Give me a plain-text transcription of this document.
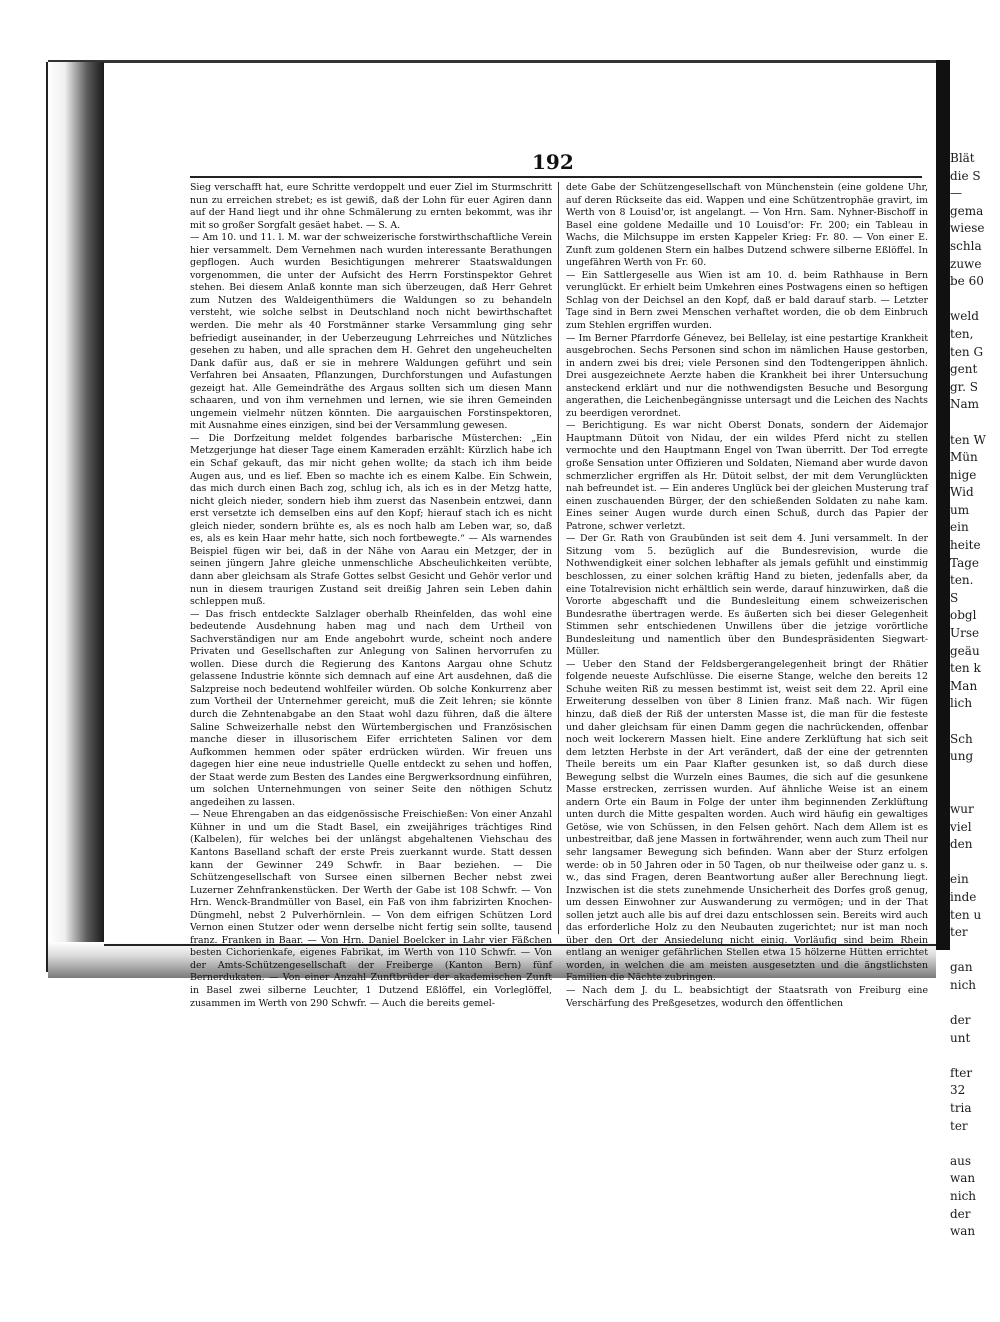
Blät
die S
—
gema
wiese
schla
zuwe
be 60

weld
ten,
ten G
gent
gr. S
Nam

ten W
Mün
nige
Wid
um
ein
heite
Tage
ten.
S
obgl
Urse
geäu
ten k
Man
lich

Sch
ung

wur
viel
den

ein
inde
ten u
ter

gan
nich

der
unt

fter
32
tria
ter

aus
wan
nich
der
wan
192

Sieg verschafft hat, eure Schritte verdoppelt und euer Ziel im Sturmschritt nun zu erreichen strebet; es ist gewiß, daß der Lohn für euer Agiren dann auf der Hand liegt und ihr ohne Schmälerung zu ernten bekommt, was ihr mit so großer Sorgfalt gesäet habet. — S. A.

— Am 10. und 11. l. M. war der schweizerische forstwirthschaftliche Verein hier versammelt. Dem Vernehmen nach wurden interessante Berathungen gepflogen. Auch wurden Besichtigungen mehrerer Staatswaldungen vorgenommen, die unter der Aufsicht des Herrn Forstinspektor Gehret stehen. Bei diesem Anlaß konnte man sich überzeugen, daß Herr Gehret zum Nutzen des Waldeigenthümers die Waldungen so zu behandeln versteht, wie solche selbst in Deutschland noch nicht bewirthschaftet werden. Die mehr als 40 Forstmänner starke Versammlung ging sehr befriedigt auseinander, in der Ueberzeugung Lehrreiches und Nützliches gesehen zu haben, und alle sprachen dem H. Gehret den ungeheuchelten Dank dafür aus, daß er sie in mehrere Waldungen geführt und sein Verfahren bei Ansaaten, Pflanzungen, Durchforstungen und Aufastungen gezeigt hat. Alle Gemeindräthe des Argaus sollten sich um diesen Mann schaaren, und von ihm vernehmen und lernen, wie sie ihren Gemeinden ungemein vielmehr nützen könnten. Die aargauischen Forstinspektoren, mit Ausnahme eines einzigen, sind bei der Versammlung gewesen.

— Die Dorfzeitung meldet folgendes barbarische Müsterchen: „Ein Metzgerjunge hat dieser Tage einem Kameraden erzählt: Kürzlich habe ich ein Schaf gekauft, das mir nicht gehen wollte; da stach ich ihm beide Augen aus, und es lief. Eben so machte ich es einem Kalbe. Ein Schwein, das mich durch einen Bach zog, schlug ich, als ich es in der Metzg hatte, nicht gleich nieder, sondern hieb ihm zuerst das Nasenbein entzwei, dann erst versetzte ich demselben eins auf den Kopf; hierauf stach ich es nicht gleich nieder, sondern brühte es, als es noch halb am Leben war, so, daß es, als es kein Haar mehr hatte, sich noch fortbewegte.“ — Als warnendes Beispiel fügen wir bei, daß in der Nähe von Aarau ein Metzger, der in seinen jüngern Jahre gleiche unmenschliche Abscheulichkeiten verübte, dann aber gleichsam als Strafe Gottes selbst Gesicht und Gehör verlor und nun in diesem traurigen Zustand seit dreißig Jahren sein Leben dahin schleppen muß.

— Das frisch entdeckte Salzlager oberhalb Rheinfelden, das wohl eine bedeutende Ausdehnung haben mag und nach dem Urtheil von Sachverständigen nur am Ende angebohrt wurde, scheint noch andere Privaten und Gesellschaften zur Anlegung von Salinen hervorrufen zu wollen. Diese durch die Regierung des Kantons Aargau ohne Schutz gelassene Industrie könnte sich demnach auf eine Art ausdehnen, daß die Salzpreise noch bedeutend wohlfeiler würden. Ob solche Konkurrenz aber zum Vortheil der Unternehmer gereicht, muß die Zeit lehren; sie könnte durch die Zehntenabgabe an den Staat wohl dazu führen, daß die ältere Saline Schweizerhalle nebst den Würtembergischen und Französischen manche dieser in illusorischem Eifer errichteten Salinen vor dem Aufkommen hemmen oder später erdrücken würden. Wir freuen uns dagegen hier eine neue industrielle Quelle entdeckt zu sehen und hoffen, der Staat werde zum Besten des Landes eine Bergwerksordnung einführen, um solchen Unternehmungen von seiner Seite den nöthigen Schutz angedeihen zu lassen.

— Neue Ehrengaben an das eidgenössische Freischießen: Von einer Anzahl Kühner in und um die Stadt Basel, ein zweijähriges trächtiges Rind (Kalbelen), für welches bei der unlängst abgehaltenen Viehschau des Kantons Baselland schaft der erste Preis zuerkannt wurde. Statt dessen kann der Gewinner 249 Schwfr. in Baar beziehen. — Die Schützengesellschaft von Sursee einen silbernen Becher nebst zwei Luzerner Zehnfrankenstücken. Der Werth der Gabe ist 108 Schwfr. — Von Hrn. Wenck-Brandmüller von Basel, ein Faß von ihm fabrizirten Knochen-Düngmehl, nebst 2 Pulverhörnlein. — Von dem eifrigen Schützen Lord Vernon einen Stutzer oder wenn derselbe nicht fertig sein sollte, tausend franz. Franken in Baar. — Von Hrn. Daniel Boelcker in Lahr vier Fäßchen besten Cichorienkafe, eigenes Fabrikat, im Werth von 110 Schwfr. — Von der Amts-Schützengesellschaft der Freiberge (Kanton Bern) fünf Bernerdukaten. — Von einer Anzahl Zunftbrüder der akademischen Zunft in Basel zwei silberne Leuchter, 1 Dutzend Eßlöffel, ein Vorleglöffel, zusammen im Werth von 290 Schwfr. — Auch die bereits gemel-

dete Gabe der Schützengesellschaft von Münchenstein (eine goldene Uhr, auf deren Rückseite das eid. Wappen und eine Schützentrophäe gravirt, im Werth von 8 Louisd'or, ist angelangt. — Von Hrn. Sam. Nyhner-Bischoff in Basel eine goldene Medaille und 10 Louisd'or: Fr. 200; ein Tableau in Wachs, die Milchsuppe im ersten Kappeler Krieg: Fr. 80. — Von einer E. Zunft zum goldenen Stern ein halbes Dutzend schwere silberne Eßlöffel. In ungefähren Werth von Fr. 60.

— Ein Sattlergeselle aus Wien ist am 10. d. beim Rathhause in Bern verunglückt. Er erhielt beim Umkehren eines Postwagens einen so heftigen Schlag von der Deichsel an den Kopf, daß er bald darauf starb. — Letzter Tage sind in Bern zwei Menschen verhaftet worden, die ob dem Einbruch zum Stehlen ergriffen wurden.

— Im Berner Pfarrdorfe Génevez, bei Bellelay, ist eine pestartige Krankheit ausgebrochen. Sechs Personen sind schon im nämlichen Hause gestorben, in andern zwei bis drei; viele Personen sind den Todtengerippen ähnlich. Drei ausgezeichnete Aerzte haben die Krankheit bei ihrer Untersuchung ansteckend erklärt und nur die nothwendigsten Besuche und Besorgung angerathen, die Leichenbegängnisse untersagt und die Leichen des Nachts zu beerdigen verordnet.

— Berichtigung. Es war nicht Oberst Donats, sondern der Aidemajor Hauptmann Dütoit von Nidau, der ein wildes Pferd nicht zu stellen vermochte und den Hauptmann Engel von Twan überritt. Der Tod erregte große Sensation unter Offizieren und Soldaten, Niemand aber wurde davon schmerzlicher ergriffen als Hr. Dütoit selbst, der mit dem Verunglückten nah befreundet ist. — Ein anderes Unglück bei der gleichen Musterung traf einen zuschauenden Bürger, der den schießenden Soldaten zu nahe kam. Eines seiner Augen wurde durch einen Schuß, durch das Papier der Patrone, schwer verletzt.

— Der Gr. Rath von Graubünden ist seit dem 4. Juni versammelt. In der Sitzung vom 5. bezüglich auf die Bundesrevision, wurde die Nothwendigkeit einer solchen lebhafter als jemals gefühlt und einstimmig beschlossen, zu einer solchen kräftig Hand zu bieten, jedenfalls aber, da eine Totalrevision nicht erhältlich sein werde, darauf hinzuwirken, daß die Vororte abgeschafft und die Bundesleitung einem schweizerischen Bundesrathe übertragen werde. Es äußerten sich bei dieser Gelegenheit Stimmen sehr entschiedenen Unwillens über die jetzige vorörtliche Bundesleitung und namentlich über den Bundespräsidenten Siegwart-Müller.

— Ueber den Stand der Feldsbergerangelegenheit bringt der Rhätier folgende neueste Aufschlüsse. Die eiserne Stange, welche den bereits 12 Schuhe weiten Riß zu messen bestimmt ist, weist seit dem 22. April eine Erweiterung desselben von über 8 Linien franz. Maß nach. Wir fügen hinzu, daß dieß der Riß der untersten Masse ist, die man für die festeste und daher gleichsam für einen Damm gegen die nachrückenden, offenbar noch weit lockerern Massen hielt. Eine andere Zerklüftung hat sich seit dem letzten Herbste in der Art verändert, daß der eine der getrennten Theile bereits um ein Paar Klafter gesunken ist, so daß durch diese Bewegung selbst die Wurzeln eines Baumes, die sich auf die gesunkene Masse erstrecken, zerrissen wurden. Auf ähnliche Weise ist an einem andern Orte ein Baum in Folge der unter ihm beginnenden Zerklüftung unten durch die Mitte gespalten worden. Auch wird häufig ein gewaltiges Getöse, wie von Schüssen, in den Felsen gehört. Nach dem Allem ist es unbestreitbar, daß jene Massen in fortwährender, wenn auch zum Theil nur sehr langsamer Bewegung sich befinden. Wann aber der Sturz erfolgen werde: ob in 50 Jahren oder in 50 Tagen, ob nur theilweise oder ganz u. s. w., das sind Fragen, deren Beantwortung außer aller Berechnung liegt. Inzwischen ist die stets zunehmende Unsicherheit des Dorfes groß genug, um dessen Einwohner zur Auswanderung zu vermögen; und in der That sollen jetzt auch alle bis auf drei dazu entschlossen sein. Bereits wird auch das erforderliche Holz zu den Neubauten zugerichtet; nur ist man noch über den Ort der Ansiedelung nicht einig. Vorläufig sind beim Rhein entlang an weniger gefährlichen Stellen etwa 15 hölzerne Hütten errichtet worden, in welchen die am meisten ausgesetzten und die ängstlichsten Familien die Nächte zubringen.

— Nach dem J. du L. beabsichtigt der Staatsrath von Freiburg eine Verschärfung des Preßgesetzes, wodurch den öffentlichen
